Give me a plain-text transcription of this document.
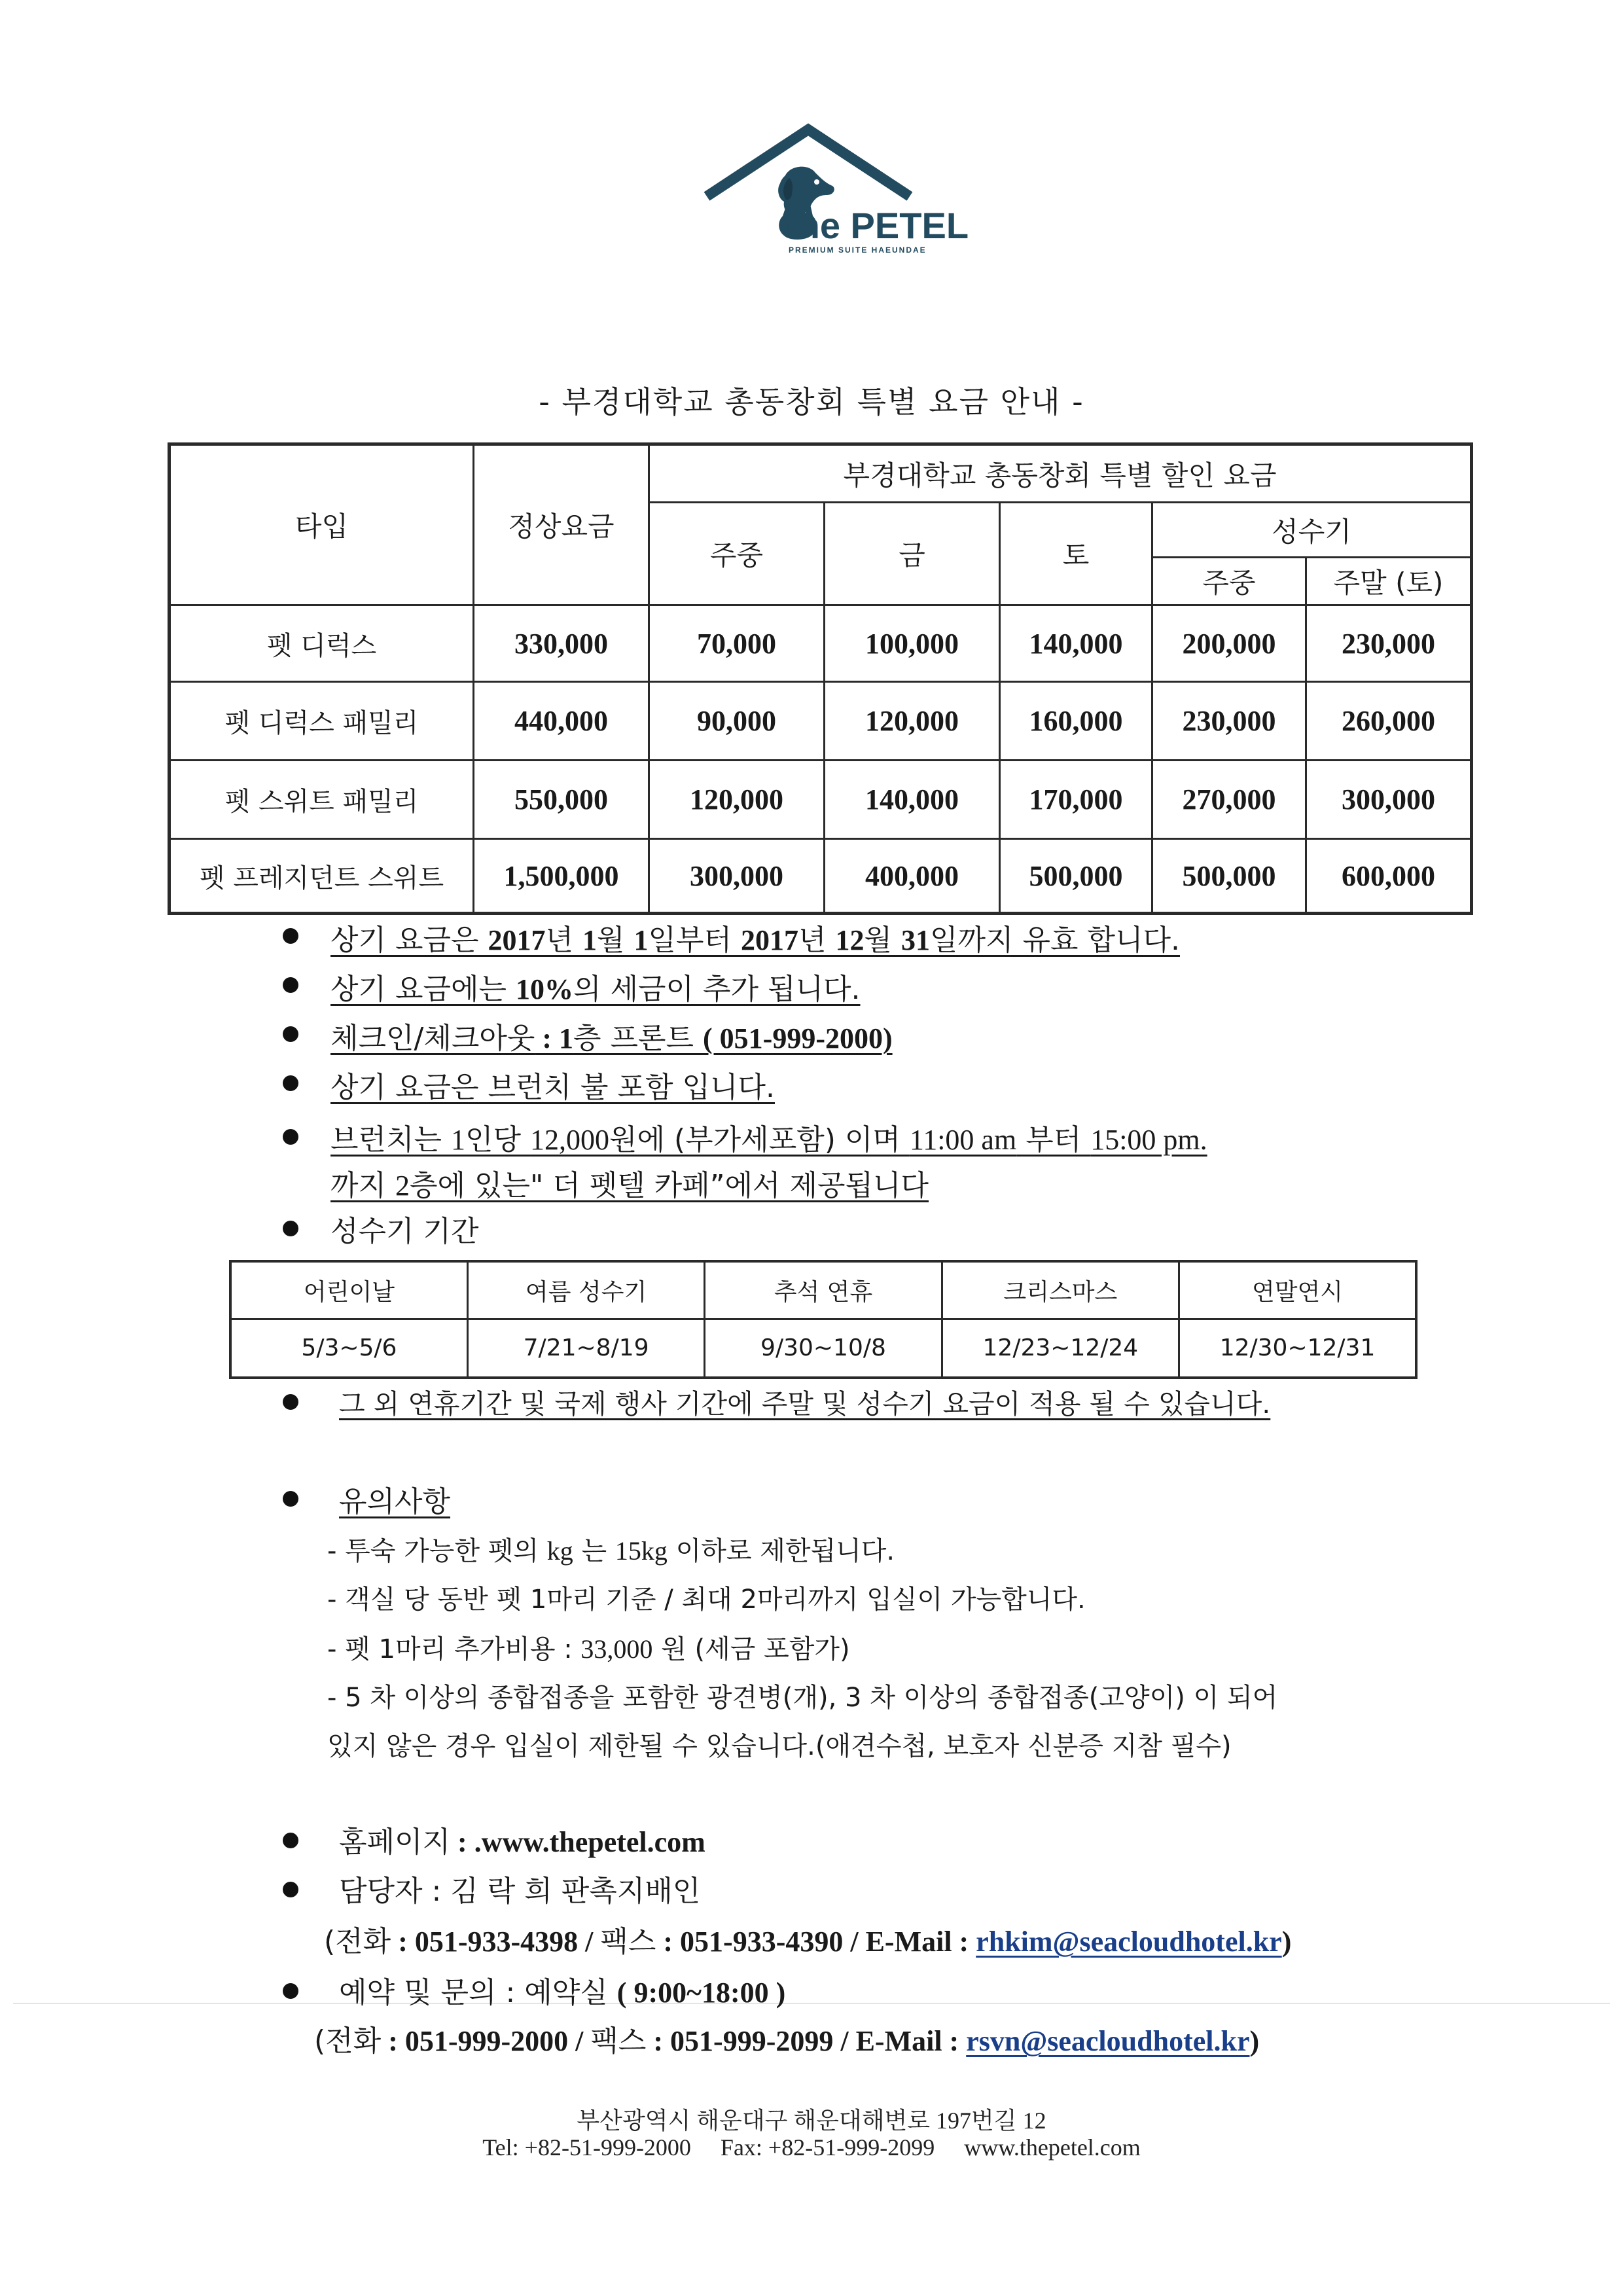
the PETEL
PREMIUM SUITE HAEUNDAE
- 부경대학교 총동창회 특별 요금 안내 -
타입	정상요금	부경대학교 총동창회 특별 할인 요금				
		주중	금	토	성수기	
					주중	주말 (토)
펫 디럭스	330,000	70,000	100,000	140,000	200,000	230,000
펫 디럭스 패밀리	440,000	90,000	120,000	160,000	230,000	260,000
펫 스위트 패밀리	550,000	120,000	140,000	170,000	270,000	300,000
펫 프레지던트 스위트	1,500,000	300,000	400,000	500,000	500,000	600,000
상기 요금은 2017년 1월 1일부터 2017년 12월 31일까지 유효 합니다.
상기 요금에는 10%의 세금이 추가 됩니다.
체크인/체크아웃 : 1층 프론트 ( 051-999-2000)
상기 요금은 브런치 불 포함 입니다.
브런치는 1인당 12,000원에 (부가세포함) 이며 11:00 am 부터 15:00 pm.
까지 2층에 있는" 더 펫텔 카페”에서 제공됩니다
성수기 기간
어린이날	여름 성수기	추석 연휴	크리스마스	연말연시
5/3~5/6	7/21~8/19	9/30~10/8	12/23~12/24	12/30~12/31
그 외 연휴기간 및 국제 행사 기간에 주말 및 성수기 요금이 적용 될 수 있습니다.
유의사항
- 투숙 가능한 펫의 kg 는 15kg 이하로 제한됩니다.
- 객실 당 동반 펫 1마리 기준 / 최대 2마리까지 입실이 가능합니다.
- 펫 1마리 추가비용 : 33,000 원 (세금 포함가)
- 5 차 이상의 종합접종을 포함한 광견병(개), 3 차 이상의 종합접종(고양이) 이 되어
있지 않은 경우 입실이 제한될 수 있습니다.(애견수첩, 보호자 신분증 지참 필수)
홈페이지 : .www.thepetel.com
담당자 : 김 락 희 판촉지배인
(전화 : 051-933-4398 / 팩스 : 051-933-4390 / E-Mail : rhkim@seacloudhotel.kr)
예약 및 문의 : 예약실 ( 9:00~18:00 )
(전화 : 051-999-2000 / 팩스 : 051-999-2099 / E-Mail : rsvn@seacloudhotel.kr)
부산광역시 해운대구 해운대해변로 197번길 12
Tel: +82-51-999-2000     Fax: +82-51-999-2099     www.thepetel.com
